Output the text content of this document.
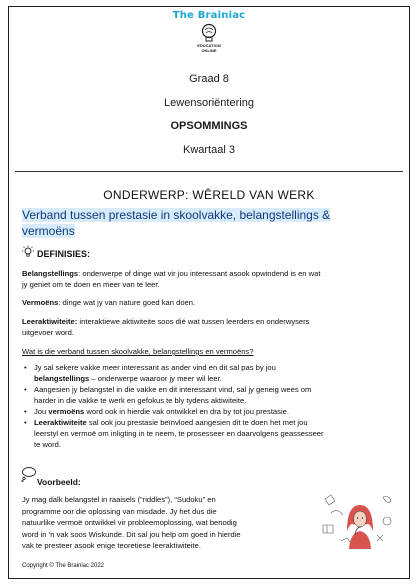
The Brainiac
EDUCATION
ONLINE
Graad 8
Lewensoriëntering
OPSOMMINGS
Kwartaal 3
ONDERWERP: WÊRELD VAN WERK
Verband tussen prestasie in skoolvakke, belangstellings &
vermoëns
DEFINISIES:
Belangstellings: onderwerpe of dinge wat vir jou interessant asook opwindend is en wat
jy geniet om te doen en meer van te leer.
Vermoëns: dinge wat jy van nature goed kan doen.
Leeraktiwiteite: interaktiewe aktiwiteite soos dié wat tussen leerders en onderwysers
uitgevoer word.
Wat is die verband tussen skoolvakke, belangstellings en vermoëns?
• Jy sal sekere vakke meer interessant as ander vind en dit sal pas by jou
belangstellings – onderwerpe waaroor jy meer wil leer.
• Aangesien jy belangstel in die vakke en dit interessant vind, sal jy geneig wees om
harder in die vakke te werk en gefokus te bly tydens aktiwiteite.
• Jou vermoëns word ook in hierdie vak ontwikkel en dra by tot jou prestasie.
• Leeraktiwiteite sal ook jou prestasie beïnvloed aangesien dit te doen het met jou
leerstyl en vermoë om inligting in te neem, te prosesseer en daarvolgens geassesseer
te word.
Voorbeeld:
Jy mag dalk belangstel in raaisels (“riddles”), “Sudoku” en
programme oor die oplossing van misdade. Jy het dus die
natuurlike vermoë ontwikkel vir probleemoplossing, wat benodig
word in ’n vak soos Wiskunde. Dit sal jou help om goed in hierdie
vak te presteer asook enige teoretiese leeraktiwiteite.
Copyright © The Brainiac 2022
